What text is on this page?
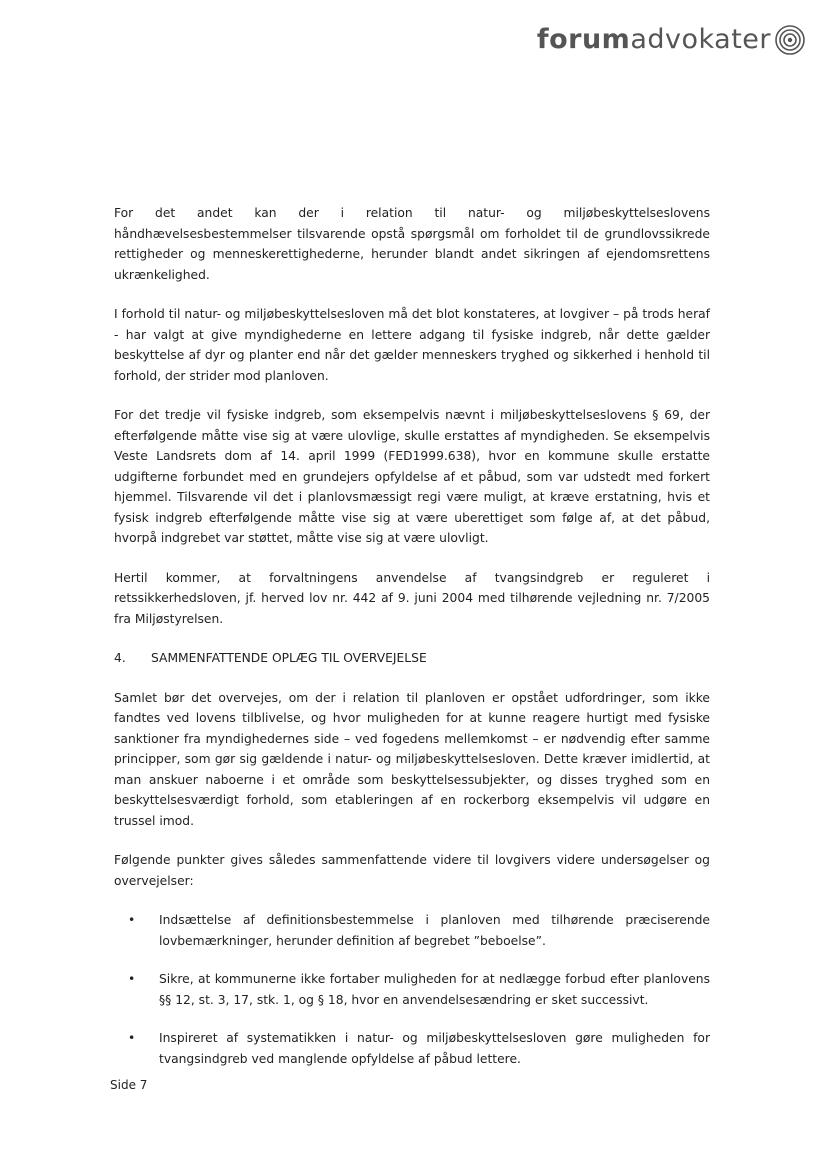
forumadvokater

For det andet kan der i relation til natur- og miljøbeskyttelseslovens håndhævelsesbestemmelser tilsvarende opstå spørgsmål om forholdet til de grundlovssikrede rettigheder og menneskerettighederne, herunder blandt andet sikringen af ejendomsrettens ukrænkelighed.

I forhold til natur- og miljøbeskyttelsesloven må det blot konstateres, at lovgiver – på trods heraf - har valgt at give myndighederne en lettere adgang til fysiske indgreb, når dette gælder beskyttelse af dyr og planter end når det gælder menneskers tryghed og sikkerhed i henhold til forhold, der strider mod planloven.

For det tredje vil fysiske indgreb, som eksempelvis nævnt i miljøbeskyttelseslovens § 69, der efterfølgende måtte vise sig at være ulovlige, skulle erstattes af myndigheden. Se eksempelvis Veste Landsrets dom af 14. april 1999 (FED1999.638), hvor en kommune skulle erstatte udgifterne forbundet med en grundejers opfyldelse af et påbud, som var udstedt med forkert hjemmel. Tilsvarende vil det i planlovsmæssigt regi være muligt, at kræve erstatning, hvis et fysisk indgreb efterfølgende måtte vise sig at være uberettiget som følge af, at det påbud, hvorpå indgrebet var støttet, måtte vise sig at være ulovligt.

Hertil kommer, at forvaltningens anvendelse af tvangsindgreb er reguleret i retssikkerhedsloven, jf. herved lov nr. 442 af 9. juni 2004 med tilhørende vejledning nr. 7/2005 fra Miljøstyrelsen.

4.	SAMMENFATTENDE OPLÆG TIL OVERVEJELSE

Samlet bør det overvejes, om der i relation til planloven er opstået udfordringer, som ikke fandtes ved lovens tilblivelse, og hvor muligheden for at kunne reagere hurtigt med fysiske sanktioner fra myndighedernes side – ved fogedens mellemkomst – er nødvendig efter samme principper, som gør sig gældende i natur- og miljøbeskyttelsesloven. Dette kræver imidlertid, at man anskuer naboerne i et område som beskyttelsessubjekter, og disses tryghed som en beskyttelsesværdigt forhold, som etableringen af en rockerborg eksempelvis vil udgøre en trussel imod.

Følgende punkter gives således sammenfattende videre til lovgivers videre undersøgelser og overvejelser:

• Indsættelse af definitionsbestemmelse i planloven med tilhørende præciserende lovbemærkninger, herunder definition af begrebet ”beboelse”.
• Sikre, at kommunerne ikke fortaber muligheden for at nedlægge forbud efter planlovens §§ 12, st. 3, 17, stk. 1, og § 18, hvor en anvendelsesændring er sket successivt.
• Inspireret af systematikken i natur- og miljøbeskyttelsesloven gøre muligheden for tvangsindgreb ved manglende opfyldelse af påbud lettere.
Side 7
